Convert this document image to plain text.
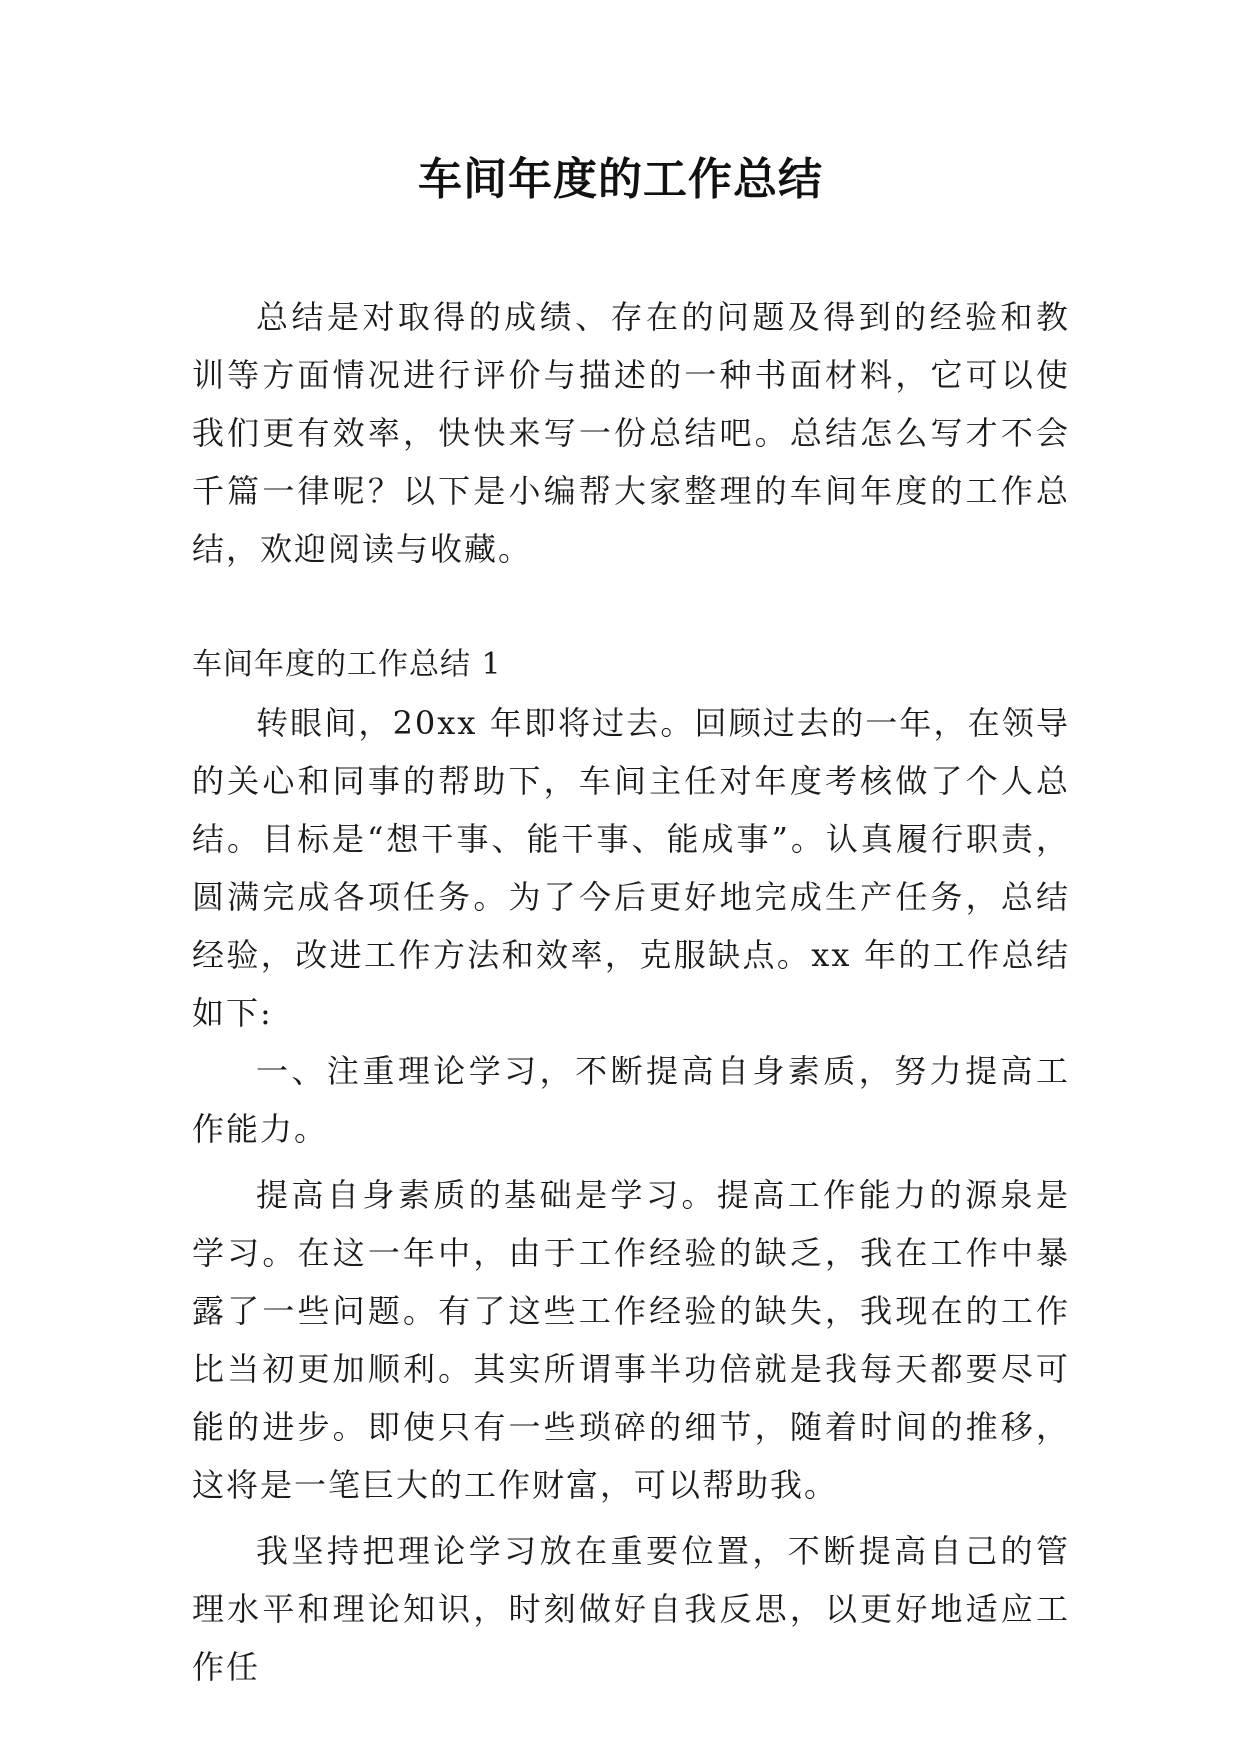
车间年度的工作总结

总结是对取得的成绩、存在的问题及得到的经验和教训等方面情况进行评价与描述的一种书面材料，它可以使我们更有效率，快快来写一份总结吧。总结怎么写才不会千篇一律呢？以下是小编帮大家整理的车间年度的工作总结，欢迎阅读与收藏。

车间年度的工作总结 1

转眼间，20xx 年即将过去。回顾过去的一年，在领导的关心和同事的帮助下，车间主任对年度考核做了个人总结。目标是“想干事、能干事、能成事”。认真履行职责，圆满完成各项任务。为了今后更好地完成生产任务，总结经验，改进工作方法和效率，克服缺点。xx 年的工作总结如下:

一、注重理论学习，不断提高自身素质，努力提高工作能力。

提高自身素质的基础是学习。提高工作能力的源泉是学习。在这一年中，由于工作经验的缺乏，我在工作中暴露了一些问题。有了这些工作经验的缺失，我现在的工作比当初更加顺利。其实所谓事半功倍就是我每天都要尽可能的进步。即使只有一些琐碎的细节，随着时间的推移，这将是一笔巨大的工作财富，可以帮助我。

我坚持把理论学习放在重要位置，不断提高自己的管理水平和理论知识，时刻做好自我反思，以更好地适应工作任
